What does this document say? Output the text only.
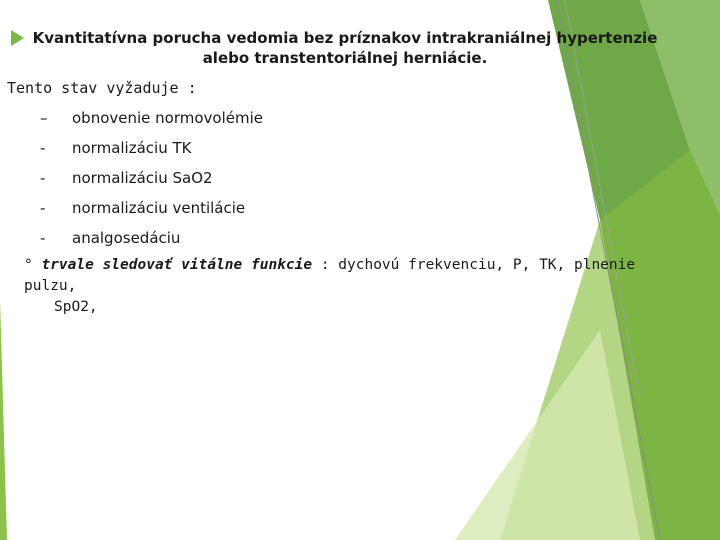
Kvantitatívna porucha vedomia bez príznakov intrakraniálnej hypertenzie
alebo transtentoriálnej herniácie.
Tento stav vyžaduje :
–	obnovenie normovolémie
-	normalizáciu TK
-	normalizáciu SaO2
-	normalizáciu ventilácie
-	analgosedáciu
° trvale sledovať vitálne funkcie : dychovú frekvenciu, P, TK, plnenie pulzu,
SpO2,
